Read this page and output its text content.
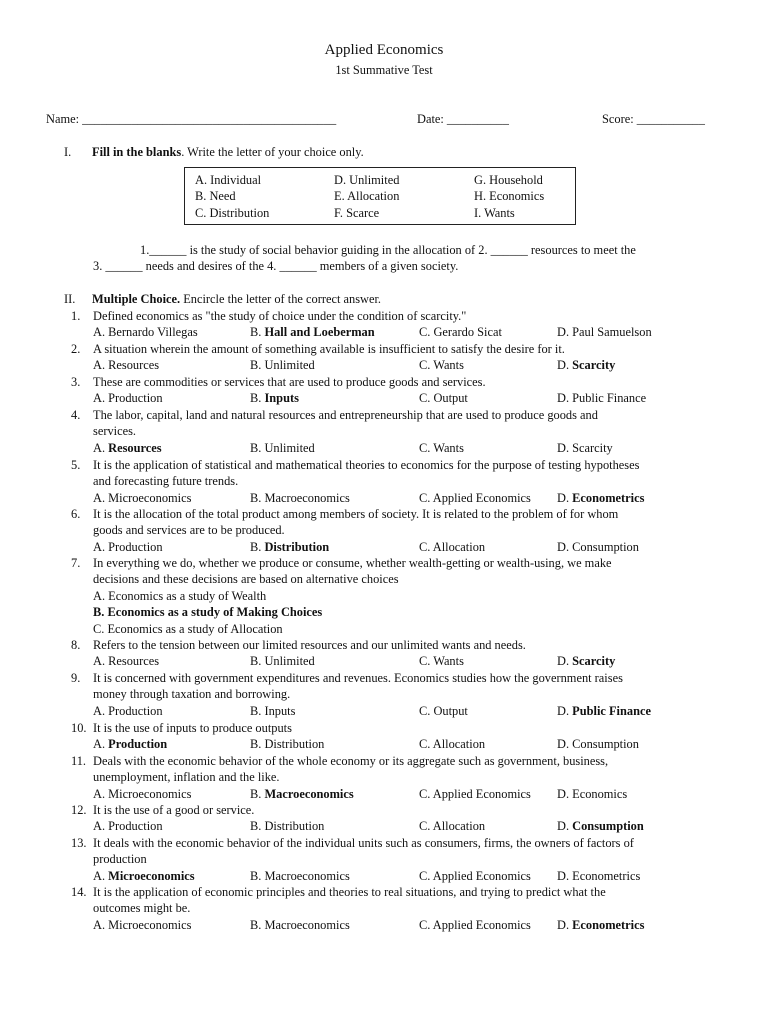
Applied Economics
1st Summative Test
Name: _________________________________________	Date: __________	Score: ___________
I.	Fill in the blanks. Write the letter of your choice only.
A. Individual	D. Unlimited	G. Household
B. Need	E. Allocation	H. Economics
C. Distribution	F. Scarce	I. Wants

1.______ is the study of social behavior guiding in the allocation of 2. ______ resources to meet the

3. ______ needs and desires of the 4. ______ members of a given society.

II.	Multiple Choice. Encircle the letter of the correct answer.
1. Defined economics as "the study of choice under the condition of scarcity."
A. Bernardo Villegas	B. Hall and Loeberman	C. Gerardo Sicat	D. Paul Samuelson
2. A situation wherein the amount of something available is insufficient to satisfy the desire for it.
A. Resources	B. Unlimited	C. Wants	D. Scarcity
3. These are commodities or services that are used to produce goods and services.
A. Production	B. Inputs	C. Output	D. Public Finance
4. The labor, capital, land and natural resources and entrepreneurship that are used to produce goods and
services.
A. Resources	B. Unlimited	C. Wants	D. Scarcity
5. It is the application of statistical and mathematical theories to economics for the purpose of testing hypotheses
and forecasting future trends.
A. Microeconomics	B. Macroeconomics	C. Applied Economics D. Econometrics
6. It is the allocation of the total product among members of society. It is related to the problem of for whom
goods and services are to be produced.
A. Production	B. Distribution	C. Allocation	D. Consumption
7. In everything we do, whether we produce or consume, whether wealth-getting or wealth-using, we make
decisions and these decisions are based on alternative choices
A. Economics as a study of Wealth
B. Economics as a study of Making Choices
C. Economics as a study of Allocation
8. Refers to the tension between our limited resources and our unlimited wants and needs.
A. Resources	B. Unlimited	C. Wants	D. Scarcity
9. It is concerned with government expenditures and revenues. Economics studies how the government raises
money through taxation and borrowing.
A. Production	B. Inputs	C. Output	D. Public Finance
10. It is the use of inputs to produce outputs
A. Production	B. Distribution	C. Allocation	D. Consumption
11. Deals with the economic behavior of the whole economy or its aggregate such as government, business,
unemployment, inflation and the like.
A. Microeconomics	B. Macroeconomics	C. Applied Economics D. Economics
12. It is the use of a good or service.
A. Production	B. Distribution	C. Allocation	D. Consumption
13. It deals with the economic behavior of the individual units such as consumers, firms, the owners of factors of
production
A. Microeconomics	B. Macroeconomics	C. Applied Economics D. Econometrics
14. It is the application of economic principles and theories to real situations, and trying to predict what the
outcomes might be.
A. Microeconomics	B. Macroeconomics	C. Applied Economics D. Econometrics
